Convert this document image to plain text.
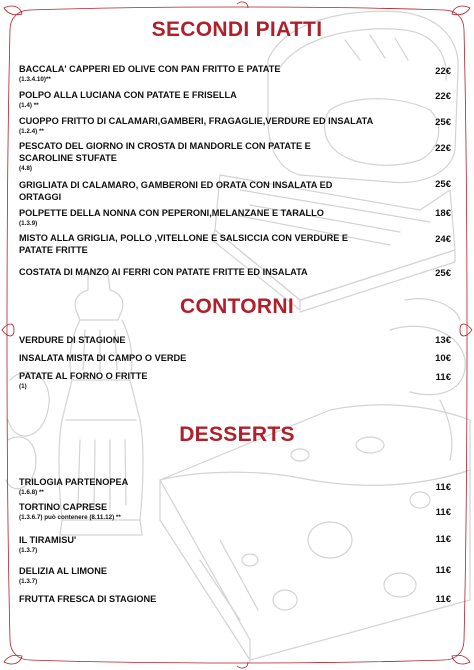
SECONDI PIATTI
BACCALA' CAPPERI ED OLIVE CON PAN FRITTO E PATATE
(1.3.4.10)**
22€
POLPO ALLA LUCIANA CON PATATE E FRISELLA
(1.4) **
22€
CUOPPO FRITTO DI CALAMARI,GAMBERI, FRAGAGLIE,VERDURE ED INSALATA
(1.2.4) **
25€
PESCATO DEL GIORNO IN CROSTA DI MANDORLE CON PATATE E SCAROLINE STUFATE
(4.8)
22€
GRIGLIATA DI CALAMARO, GAMBERONI ED ORATA CON INSALATA ED ORTAGGI
25€
POLPETTE DELLA NONNA CON PEPERONI,MELANZANE E TARALLO
(1.3.9)
18€
MISTO ALLA GRIGLIA, POLLO ,VITELLONE E SALSICCIA CON VERDURE E PATATE FRITTE
24€
COSTATA DI MANZO AI FERRI CON PATATE FRITTE ED INSALATA	25€
CONTORNI
VERDURE DI STAGIONE	13€
INSALATA MISTA DI CAMPO O VERDE	10€
PATATE AL FORNO O FRITTE
(1)
11€
DESSERTS
TRILOGIA PARTENOPEA
(1.6.8) **	11€
TORTINO CAPRESE
(1.3.6.7) può contenere (8.11.12) **	11€
IL TIRAMISU'
(1.3.7)
11€
DELIZIA AL LIMONE
(1.3.7)
11€
FRUTTA FRESCA DI STAGIONE	11€
